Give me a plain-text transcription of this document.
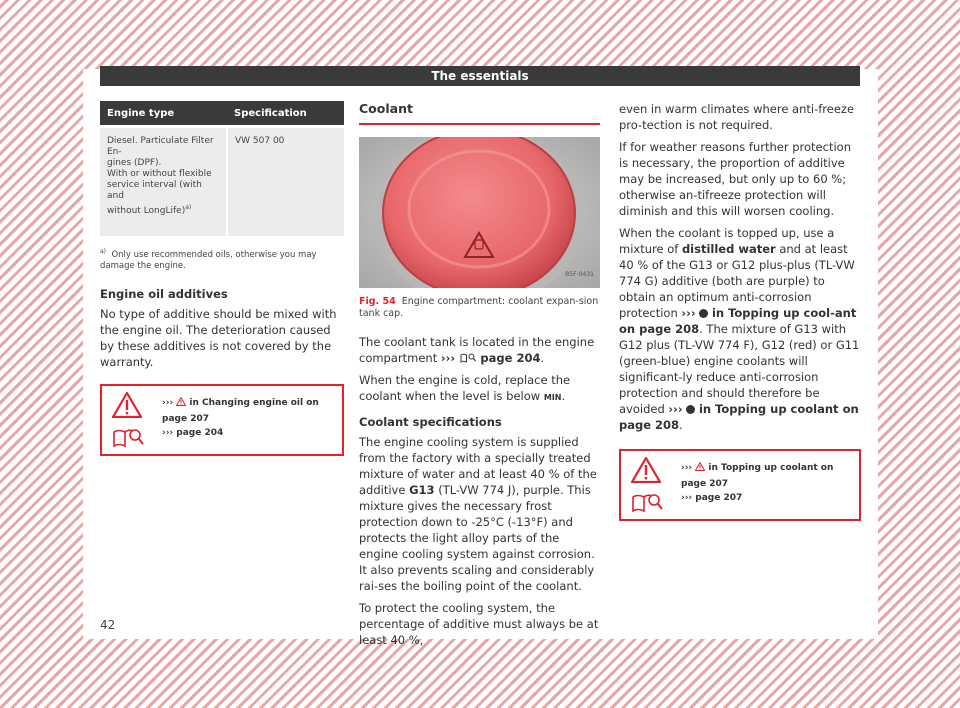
The essentials
Engine type	Specification

Diesel. Particulate Filter En-
gines (DPF).
With or without flexible
service interval (with and
without LongLife)$^{a)}$	VW 507 00
$^{a)}$ Only use recommended oils, otherwise you may damage the engine.
Engine oil additives

No type of additive should be mixed with the engine oil. The deterioration caused by these additives is not covered by the warranty.

››› in Changing engine oil on page 207
››› page 204
Coolant
B5F-0431
Fig. 54 Engine compartment: coolant expan-sion tank cap.

The coolant tank is located in the engine compartment ››› page 204.

When the engine is cold, replace the coolant when the level is below MIN.

Coolant specifications

The engine cooling system is supplied from the factory with a specially treated mixture of water and at least 40 % of the additive G13 (TL-VW 774 J), purple. This mixture gives the necessary frost protection down to -25°C (-13°F) and protects the light alloy parts of the engine cooling system against corrosion. It also prevents scaling and considerably rai-ses the boiling point of the coolant.

To protect the cooling system, the percentage of additive must always be at least 40 %,

even in warm climates where anti-freeze pro-tection is not required.

If for weather reasons further protection is necessary, the proportion of additive may be increased, but only up to 60 %; otherwise an-tifreeze protection will diminish and this will worsen cooling.

When the coolant is topped up, use a mixture of distilled water and at least 40 % of the G13 or G12 plus-plus (TL-VW 774 G) additive (both are purple) to obtain an optimum anti-corrosion protection ››› in Topping up cool-ant on page 208. The mixture of G13 with G12 plus (TL-VW 774 F), G12 (red) or G11 (green-blue) engine coolants will significant-ly reduce anti-corrosion protection and should therefore be avoided ››› in Topping up coolant on page 208.

››› in Topping up coolant on page 207
››› page 207
42
